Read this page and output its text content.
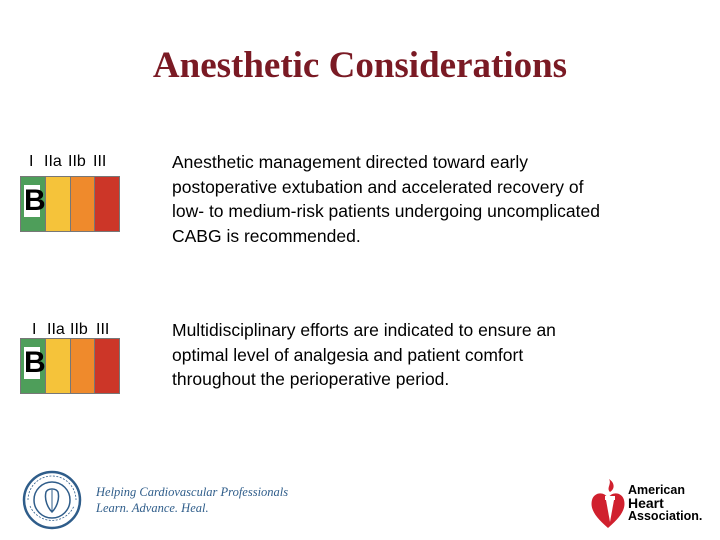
Anesthetic Considerations
I IIa IIb III
B
Anesthetic management directed toward early postoperative extubation and accelerated recovery of low- to medium-risk patients undergoing uncomplicated CABG is recommended.
I IIa IIb III
B
Multidisciplinary efforts are indicated to ensure an optimal level of analgesia and patient comfort throughout the perioperative period.
Helping Cardiovascular Professionals
Learn. Advance. Heal.
American
Heart
Association.
